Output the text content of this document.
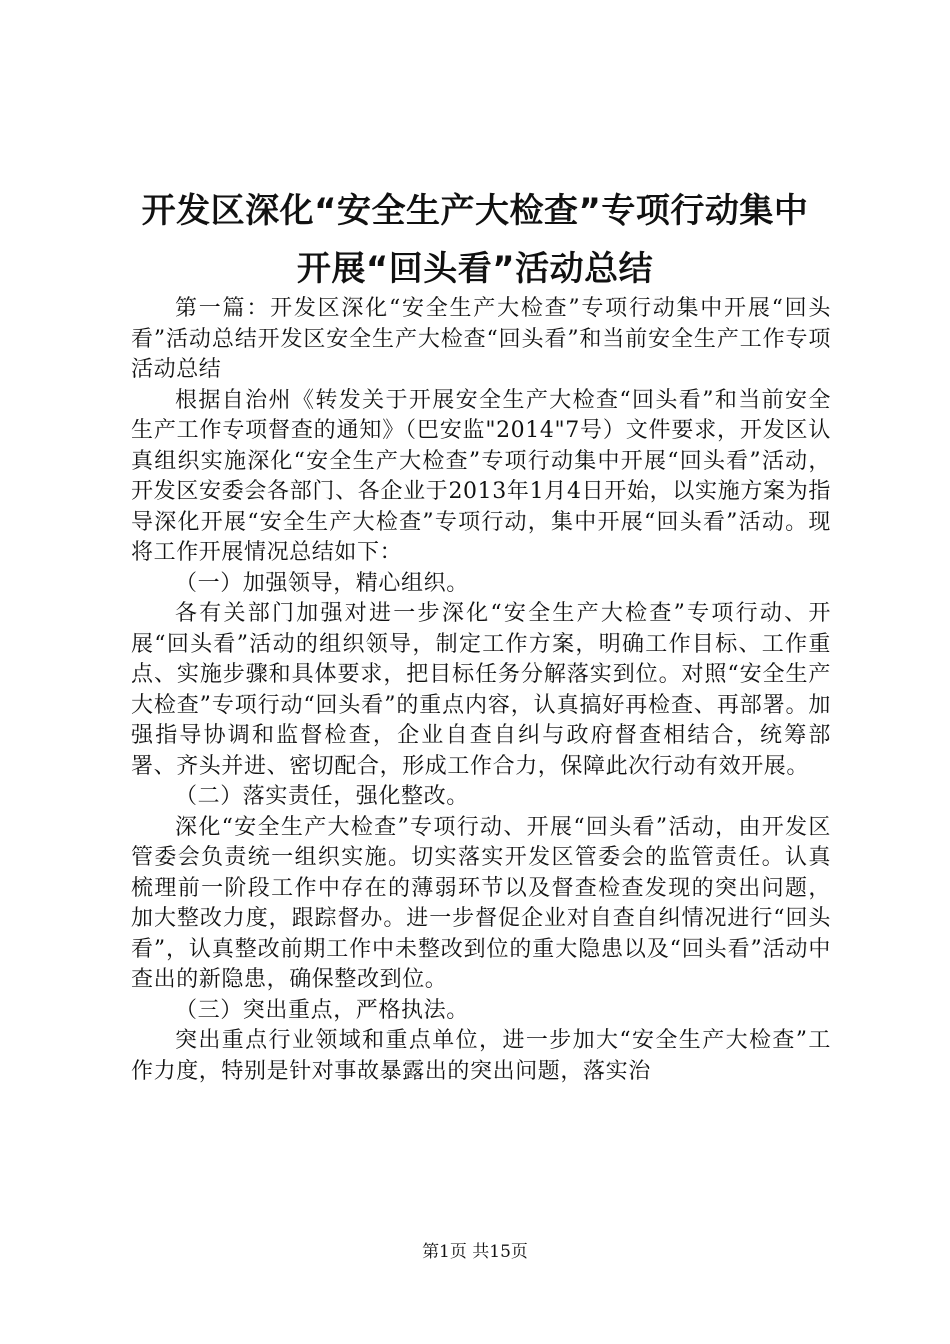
开发区深化“安全生产大检查”专项行动集中
开展“回头看”活动总结

第一篇：开发区深化“安全生产大检查”专项行动集中开展“回头看”活动总结开发区安全生产大检查“回头看”和当前安全生产工作专项活动总结

根据自治州《转发关于开展安全生产大检查“回头看”和当前安全生产工作专项督查的通知》（巴安监"2014"7号）文件要求，开发区认真组织实施深化“安全生产大检查”专项行动集中开展“回头看”活动，开发区安委会各部门、各企业于2013年1月4日开始，以实施方案为指导深化开展“安全生产大检查”专项行动，集中开展“回头看”活动。现将工作开展情况总结如下：

（一）加强领导，精心组织。

各有关部门加强对进一步深化“安全生产大检查”专项行动、开展“回头看”活动的组织领导，制定工作方案，明确工作目标、工作重点、实施步骤和具体要求，把目标任务分解落实到位。对照“安全生产大检查”专项行动“回头看”的重点内容，认真搞好再检查、再部署。加强指导协调和监督检查，企业自查自纠与政府督查相结合，统筹部署、齐头并进、密切配合，形成工作合力，保障此次行动有效开展。

（二）落实责任，强化整改。

深化“安全生产大检查”专项行动、开展“回头看”活动，由开发区管委会负责统一组织实施。切实落实开发区管委会的监管责任。认真梳理前一阶段工作中存在的薄弱环节以及督查检查发现的突出问题，加大整改力度，跟踪督办。进一步督促企业对自查自纠情况进行“回头看”，认真整改前期工作中未整改到位的重大隐患以及“回头看”活动中查出的新隐患，确保整改到位。

（三）突出重点，严格执法。

突出重点行业领域和重点单位，进一步加大“安全生产大检查”工作力度，特别是针对事故暴露出的突出问题，落实治

第1页 共15页
